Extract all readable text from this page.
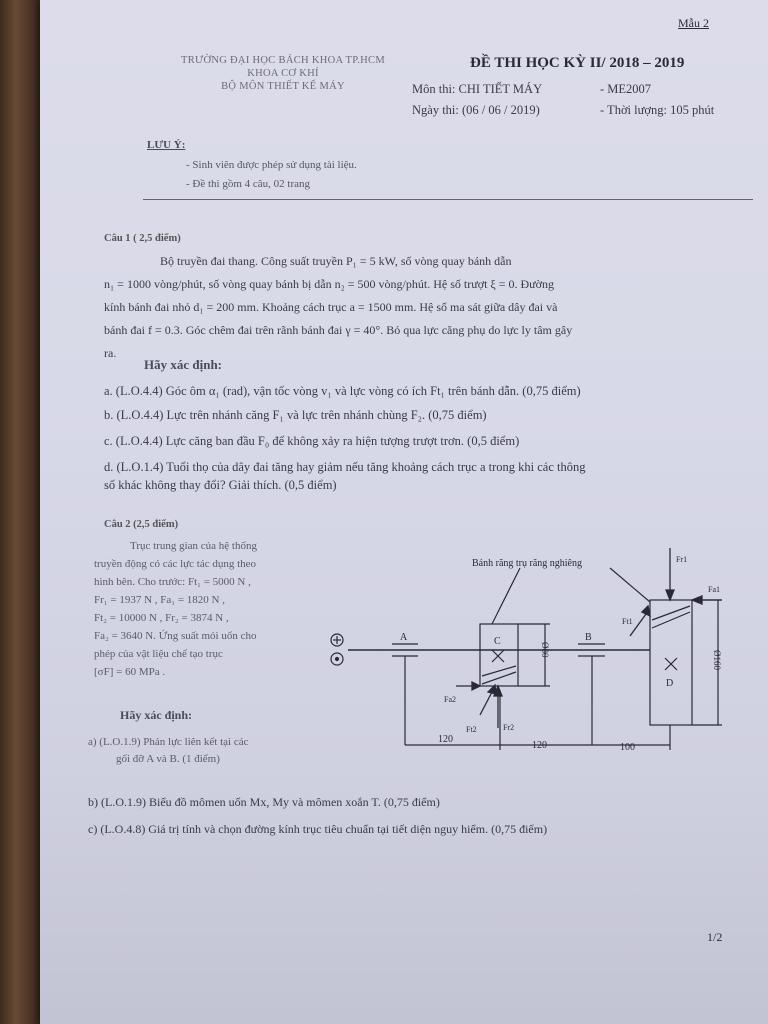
Mẫu 2
TRƯỜNG ĐẠI HỌC BÁCH KHOA TP.HCM
KHOA CƠ KHÍ
BỘ MÔN THIẾT KẾ MÁY
ĐỀ THI HỌC KỲ II/ 2018 – 2019
Môn thi: CHI TIẾT MÁY	- ME2007
Ngày thi: (06 / 06 / 2019)	- Thời lượng: 105 phút
LƯU Ý:
- Sinh viên được phép sử dụng tài liệu.
- Đề thi gồm 4 câu, 02 trang
Câu 1 ( 2,5 điểm)
Bộ truyền đai thang. Công suất truyền P₁ = 5 kW, số vòng quay bánh dẫn
n₁ = 1000 vòng/phút, số vòng quay bánh bị dẫn n₂ = 500 vòng/phút. Hệ số trượt ξ = 0. Đường
kính bánh đai nhỏ d₁ = 200 mm. Khoảng cách trục a = 1500 mm. Hệ số ma sát giữa dây đai và
bánh đai f = 0.3. Góc chêm đai trên rãnh bánh đai γ = 40°. Bỏ qua lực căng phụ do lực ly tâm gây
ra.
Hãy xác định:
a. (L.O.4.4) Góc ôm α₁ (rad), vận tốc vòng v₁ và lực vòng có ích Ft₁ trên bánh dẫn. (0,75 điểm)
b. (L.O.4.4) Lực trên nhánh căng F₁ và lực trên nhánh chùng F₂. (0,75 điểm)
c. (L.O.4.4) Lực căng ban đầu F₀ để không xảy ra hiện tượng trượt trơn. (0,5 điểm)
d. (L.O.1.4) Tuổi thọ của dây đai tăng hay giảm nếu tăng khoảng cách trục a trong khi các thông
số khác không thay đổi? Giải thích. (0,5 điểm)
Câu 2 (2,5 điểm)
Trục trung gian của hệ thống
truyền động có các lực tác dụng theo
hình bên. Cho trước: Ft₁ = 5000 N ,
Fr₁ = 1937 N , Fa₁ = 1820 N ,
Ft₂ = 10000 N , Fr₂ = 3874 N ,
Fa₂ = 3640 N. Ứng suất mỏi uốn cho
phép của vật liệu chế tạo trục
[σF] = 60 MPa .
Hãy xác định:
a) (L.O.1.9) Phản lực liên kết tại các
gối đỡ A và B. (1 điểm)
b) (L.O.1.9) Biểu đồ mômen uốn Mx, My và mômen xoắn T. (0,75 điểm)
c) (L.O.4.8) Giá trị tính và chọn đường kính trục tiêu chuẩn tại tiết diện nguy hiểm. (0,75 điểm)
Bánh răng trụ răng nghiêng
A	B
C
D
Fr1
Fa1
Ft1
Fa2
Ft2	Fr2
120
120	100
Ø80
Ø160
1/2
